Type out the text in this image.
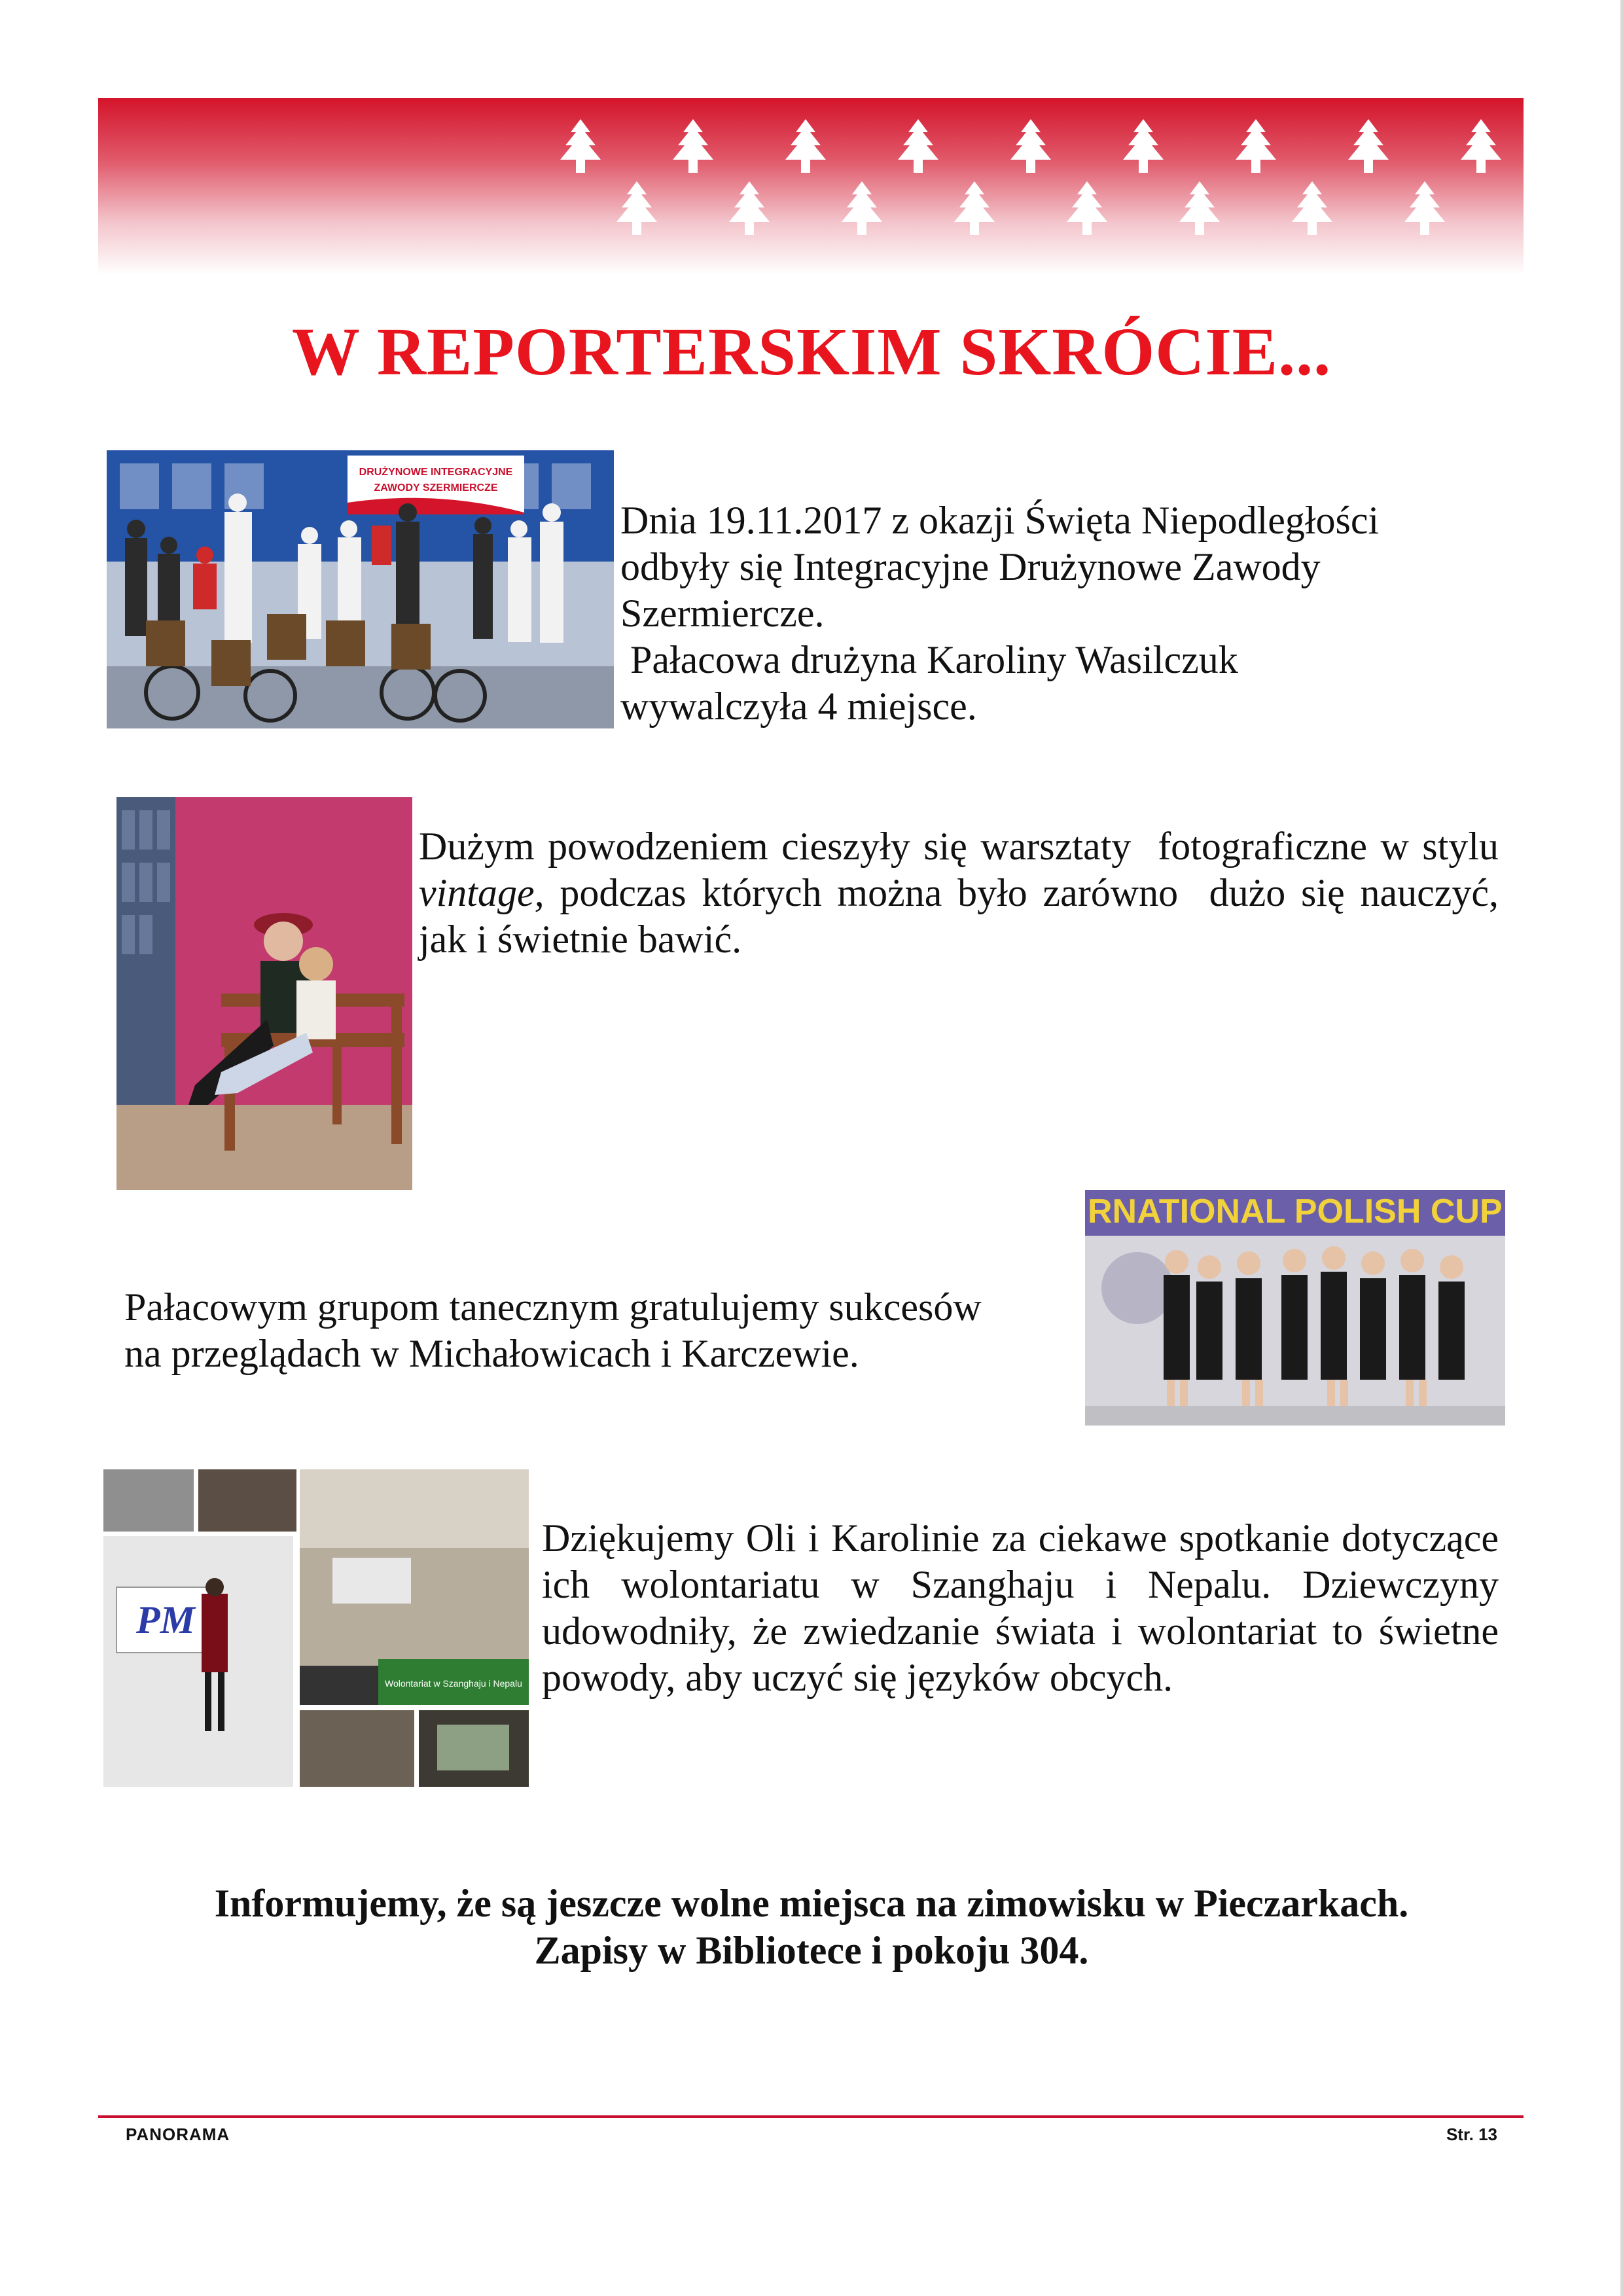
W REPORTERSKIM SKRÓCIE...
DRUŻYNOWE INTEGRACYJNE
ZAWODY SZERMIERCZE

Dnia 19.11.2017 z okazji Święta Niepodległości
odbyły się Integracyjne Drużynowe Zawody
Szermiercze.
Pałacowa drużyna Karoliny Wasilczuk
wywalczyła 4 miejsce.

Dużym powodzeniem cieszyły się warsztaty  fotograficzne w stylu vintage, podczas których można było zarówno  dużo się nauczyć, jak i świetnie bawić.

Pałacowym grupom tanecznym gratulujemy sukcesów
na przeglądach w Michałowicach i Karczewie.

RNATIONAL POLISH CUP
PM
Wolontariat w Szanghaju i Nepalu

Dziękujemy Oli i Karolinie za ciekawe spotkanie dotyczące ich wolontariatu w Szanghaju i Nepalu. Dziewczyny udowodniły, że zwiedzanie świata i wolontariat to świetne powody, aby uczyć się języków obcych.

Informujemy, że są jeszcze wolne miejsca na zimowisku w Pieczarkach.
Zapisy w Bibliotece i pokoju 304.
PANORAMA	Str. 13
